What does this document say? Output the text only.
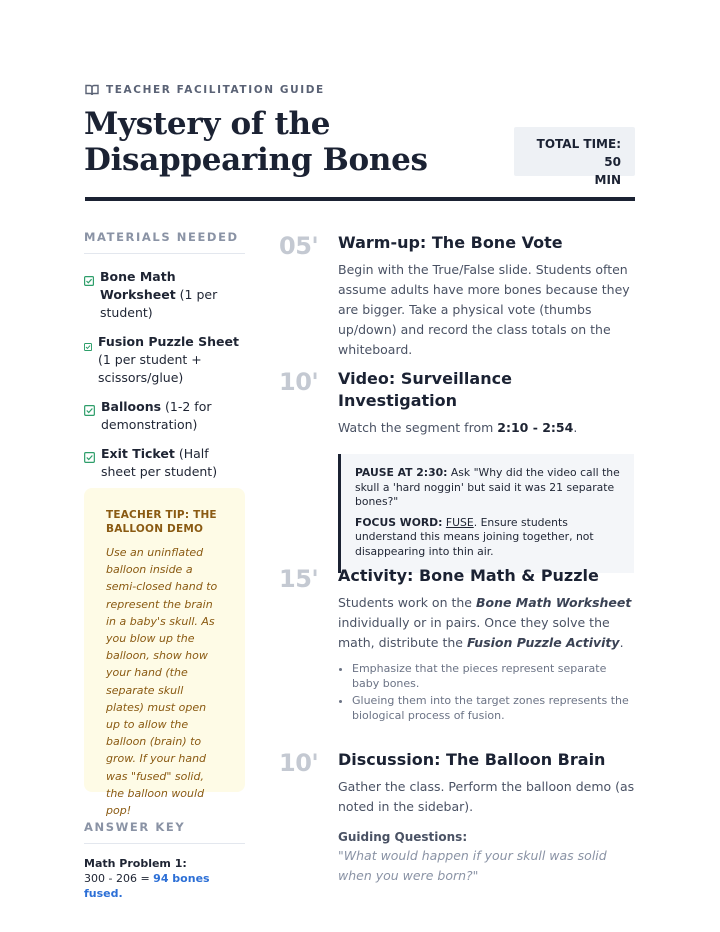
TEACHER FACILITATION GUIDE
Mystery of the
Disappearing Bones	TOTAL TIME: 50
MIN
MATERIALS NEEDED
Bone Math Worksheet (1 per student)
Fusion Puzzle Sheet (1 per student + scissors/glue)
Balloons (1-2 for demonstration)
Exit Ticket (Half sheet per student)
TEACHER TIP: THE BALLOON DEMO

Use an uninflated balloon inside a semi-closed hand to represent the brain in a baby's skull. As you blow up the balloon, show how your hand (the separate skull plates) must open up to allow the balloon (brain) to grow. If your hand was "fused" solid, the balloon would pop!

ANSWER KEY
Math Problem 1:
300 - 206 = 94 bones fused.
05' Warm-up: The Bone Vote

Begin with the True/False slide. Students often assume adults have more bones because they are bigger. Take a physical vote (thumbs up/down) and record the class totals on the whiteboard.

10' Video: Surveillance Investigation

Watch the segment from 2:10 - 2:54.

PAUSE AT 2:30: Ask "Why did the video call the skull a 'hard noggin' but said it was 21 separate bones?"

FOCUS WORD: FUSE. Ensure students understand this means joining together, not disappearing into thin air.

15' Activity: Bone Math & Puzzle

Students work on the Bone Math Worksheet individually or in pairs. Once they solve the math, distribute the Fusion Puzzle Activity.

• Emphasize that the pieces represent separate baby bones.
• Glueing them into the target zones represents the biological process of fusion.
10' Discussion: The Balloon Brain

Gather the class. Perform the balloon demo (as noted in the sidebar).

Guiding Questions:

"What would happen if your skull was solid when you were born?"
